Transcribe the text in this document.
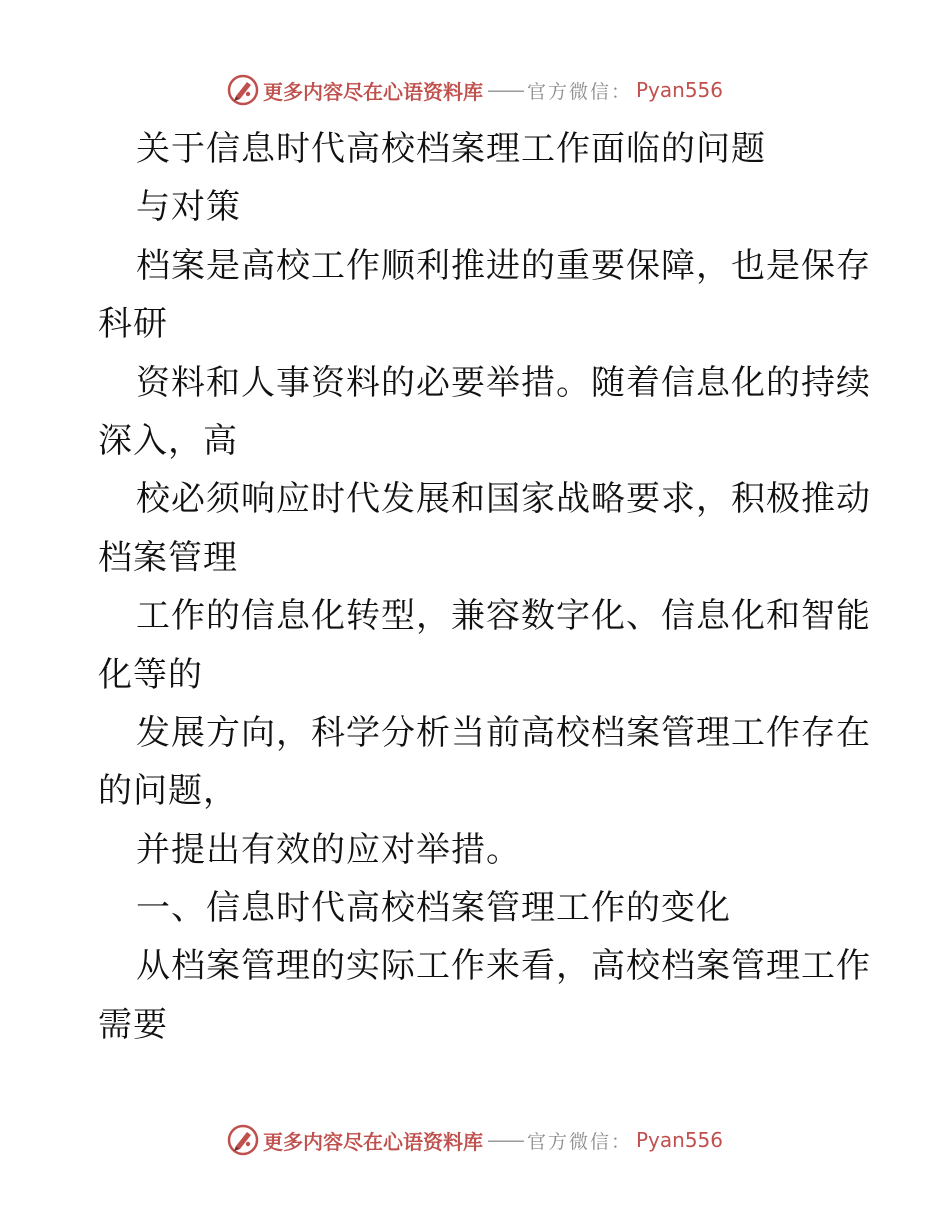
更多内容尽在心语资料库 —— 官方微信： Pyan556
关于信息时代高校档案理工作面临的问题
与对策
档案是高校工作顺利推进的重要保障，也是保存
科研
资料和人事资料的必要举措。随着信息化的持续
深入，高
校必须响应时代发展和国家战略要求，积极推动
档案管理
工作的信息化转型，兼容数字化、信息化和智能
化等的
发展方向，科学分析当前高校档案管理工作存在
的问题，
并提出有效的应对举措。
一、信息时代高校档案管理工作的变化
从档案管理的实际工作来看，高校档案管理工作
需要
更多内容尽在心语资料库 —— 官方微信： Pyan556
